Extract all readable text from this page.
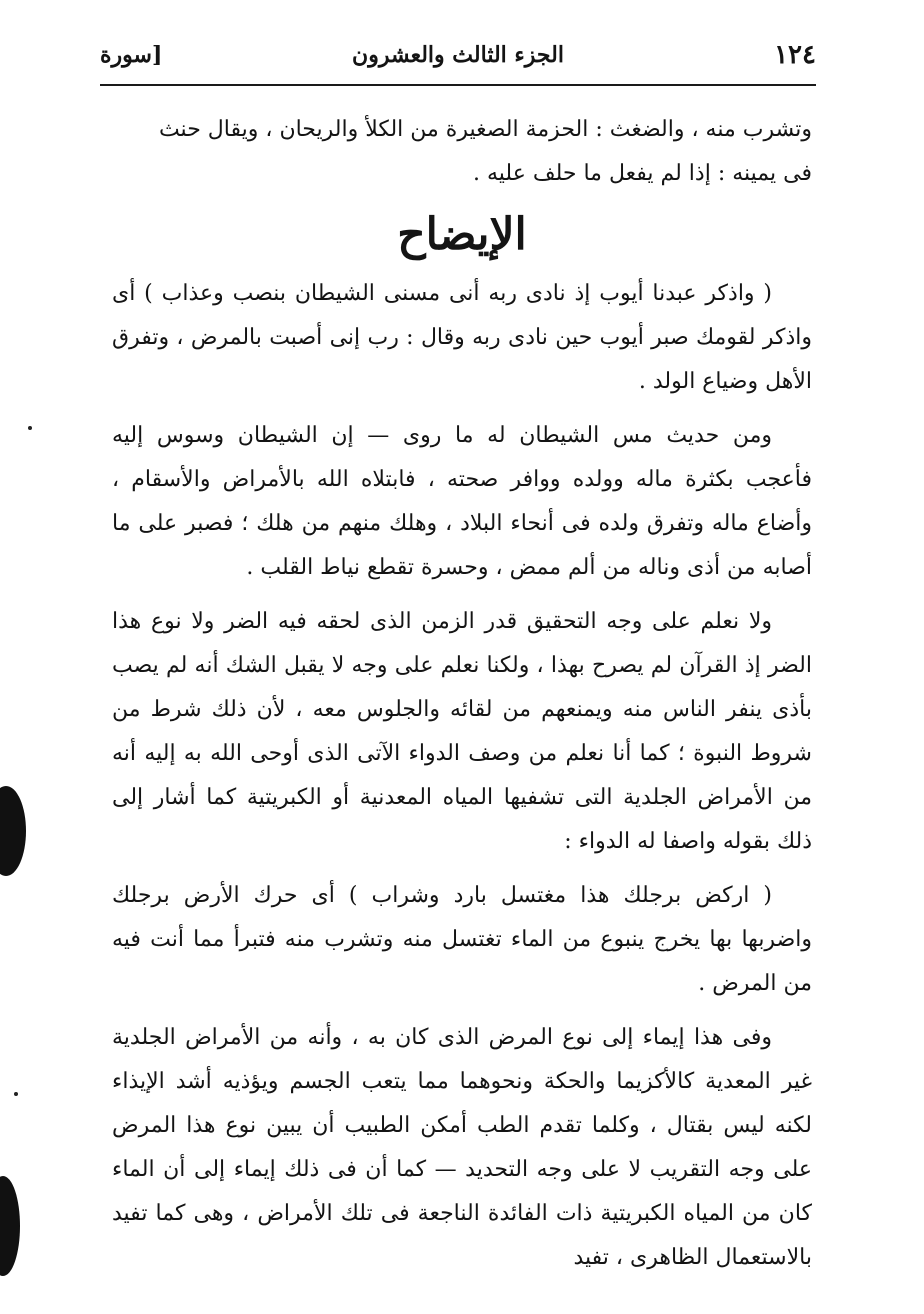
١٢٤
الجزء الثالث والعشرون
[سورة

وتشرب منه ، والضغث : الحزمة الصغيرة من الكلأ والريحان ، ويقال حنث

فى يمينه : إذا لم يفعل ما حلف عليه .

الإيضاح

( واذكر عبدنا أيوب إذ نادى ربه أنى مسنى الشيطان بنصب وعذاب ) أى واذكر لقومك صبر أيوب حين نادى ربه وقال : رب إنى أصبت بالمرض ، وتفرق الأهل وضياع الولد .

ومن حديث مس الشيطان له ما روى — إن الشيطان وسوس إليه فأعجب بكثرة ماله وولده ووافر صحته ، فابتلاه الله بالأمراض والأسقام ، وأضاع ماله وتفرق ولده فى أنحاء البلاد ، وهلك منهم من هلك ؛ فصبر على ما أصابه من أذى وناله من ألم ممض ، وحسرة تقطع نياط القلب .

ولا نعلم على وجه التحقيق قدر الزمن الذى لحقه فيه الضر ولا نوع هذا الضر إذ القرآن لم يصرح بهذا ، ولكنا نعلم على وجه لا يقبل الشك أنه لم يصب بأذى ينفر الناس منه ويمنعهم من لقائه والجلوس معه ، لأن ذلك شرط من شروط النبوة ؛ كما أنا نعلم من وصف الدواء الآتى الذى أوحى الله به إليه أنه من الأمراض الجلدية التى تشفيها المياه المعدنية أو الكبريتية كما أشار إلى ذلك بقوله واصفا له الدواء :

( اركض برجلك هذا مغتسل بارد وشراب ) أى حرك الأرض برجلك واضربها بها يخرج ينبوع من الماء تغتسل منه وتشرب منه فتبرأ مما أنت فيه من المرض .

وفى هذا إيماء إلى نوع المرض الذى كان به ، وأنه من الأمراض الجلدية غير المعدية كالأكزيما والحكة ونحوهما مما يتعب الجسم ويؤذيه أشد الإيذاء لكنه ليس بقتال ، وكلما تقدم الطب أمكن الطبيب أن يبين نوع هذا المرض على وجه التقريب لا على وجه التحديد — كما أن فى ذلك إيماء إلى أن الماء كان من المياه الكبريتية ذات الفائدة الناجعة فى تلك الأمراض ، وهى كما تفيد بالاستعمال الظاهرى ، تفيد
